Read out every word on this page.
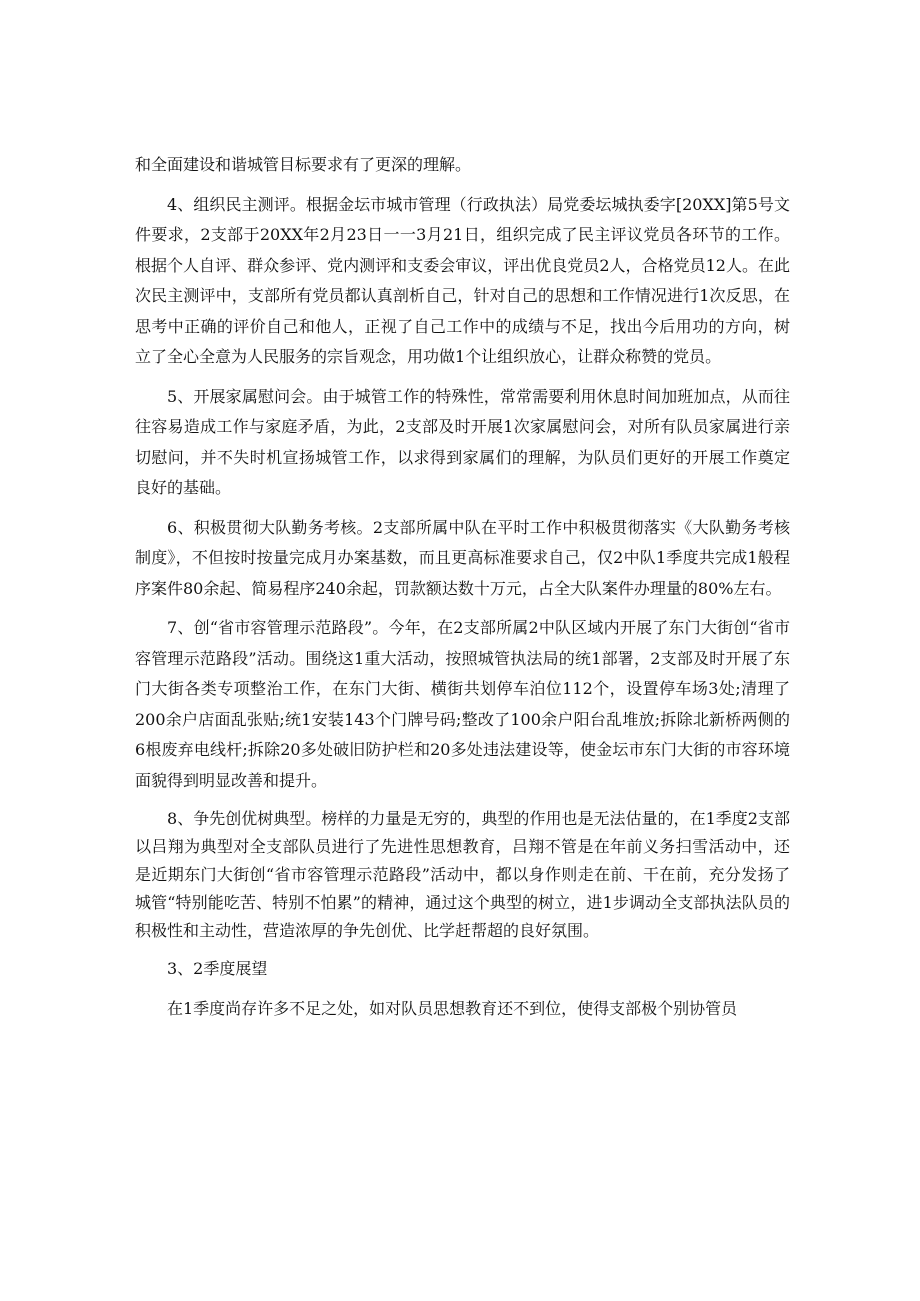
和全面建设和谐城管目标要求有了更深的理解。

4、组织民主测评。根据金坛市城市管理（行政执法）局党委坛城执委字[20XX]第5号文件要求，2支部于20XX年2月23日一一3月21日，组织完成了民主评议党员各环节的工作。根据个人自评、群众参评、党内测评和支委会审议，评出优良党员2人，合格党员12人。在此次民主测评中，支部所有党员都认真剖析自己，针对自己的思想和工作情况进行1次反思，在思考中正确的评价自己和他人，正视了自己工作中的成绩与不足，找出今后用功的方向，树立了全心全意为人民服务的宗旨观念，用功做1个让组织放心，让群众称赞的党员。

5、开展家属慰问会。由于城管工作的特殊性，常常需要利用休息时间加班加点，从而往往容易造成工作与家庭矛盾，为此，2支部及时开展1次家属慰问会，对所有队员家属进行亲切慰问，并不失时机宣扬城管工作，以求得到家属们的理解，为队员们更好的开展工作奠定良好的基础。

6、积极贯彻大队勤务考核。2支部所属中队在平时工作中积极贯彻落实《大队勤务考核制度》，不但按时按量完成月办案基数，而且更高标准要求自己，仅2中队1季度共完成1般程序案件80余起、简易程序240余起，罚款额达数十万元，占全大队案件办理量的80%左右。

7、创“省市容管理示范路段”。今年，在2支部所属2中队区域内开展了东门大街创“省市容管理示范路段”活动。围绕这1重大活动，按照城管执法局的统1部署，2支部及时开展了东门大街各类专项整治工作，在东门大街、横街共划停车泊位112个，设置停车场3处;清理了200余户店面乱张贴;统1安装143个门牌号码;整改了100余户阳台乱堆放;拆除北新桥两侧的6根废弃电线杆;拆除20多处破旧防护栏和20多处违法建设等，使金坛市东门大街的市容环境面貌得到明显改善和提升。

8、争先创优树典型。榜样的力量是无穷的，典型的作用也是无法估量的，在1季度2支部以吕翔为典型对全支部队员进行了先进性思想教育，吕翔不管是在年前义务扫雪活动中，还是近期东门大街创“省市容管理示范路段”活动中，都以身作则走在前、干在前，充分发扬了城管“特别能吃苦、特别不怕累”的精神，通过这个典型的树立，进1步调动全支部执法队员的积极性和主动性，营造浓厚的争先创优、比学赶帮超的良好氛围。

3、2季度展望

在1季度尚存许多不足之处，如对队员思想教育还不到位，使得支部极个别协管员
